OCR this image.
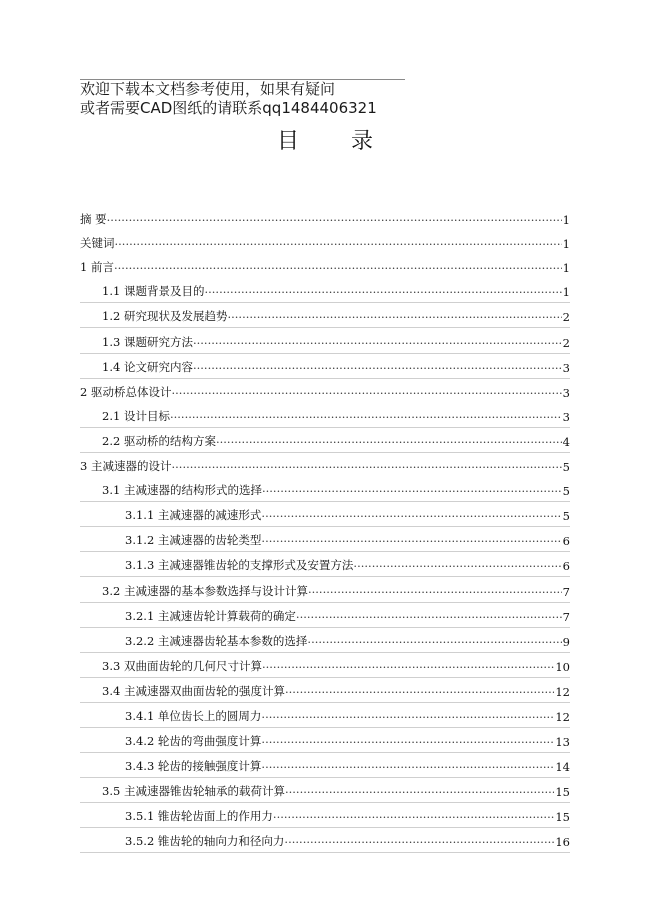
欢迎下载本文档参考使用，如果有疑问
或者需要CAD图纸的请联系qq1484406321
目录
摘 要 ·····	1
关键词 ·····	1
1 前言 ·····	1
1.1 课题背景及目的 ·····	1
1.2 研究现状及发展趋势 ·····	2
1.3 课题研究方法 ·····	2
1.4 论文研究内容 ·····	3
2 驱动桥总体设计 ·····	3
2.1 设计目标 ·····	3
2.2 驱动桥的结构方案 ·····	4
3 主减速器的设计 ·····	5
3.1 主减速器的结构形式的选择 ·····	5
3.1.1 主减速器的减速形式 ·····	5
3.1.2 主减速器的齿轮类型 ·····	6
3.1.3 主减速器锥齿轮的支撑形式及安置方法 ·····	6
3.2 主减速器的基本参数选择与设计计算 ·····	7
3.2.1 主减速齿轮计算载荷的确定 ·····	7
3.2.2 主减速器齿轮基本参数的选择 ·····	9
3.3 双曲面齿轮的几何尺寸计算 ·····	10
3.4 主减速器双曲面齿轮的强度计算 ·····	12
3.4.1 单位齿长上的圆周力 ·····	12
3.4.2 轮齿的弯曲强度计算 ·····	13
3.4.3 轮齿的接触强度计算 ·····	14
3.5 主减速器锥齿轮轴承的载荷计算 ·····	15
3.5.1 锥齿轮齿面上的作用力 ·····	15
3.5.2 锥齿轮的轴向力和径向力 ·····	16
